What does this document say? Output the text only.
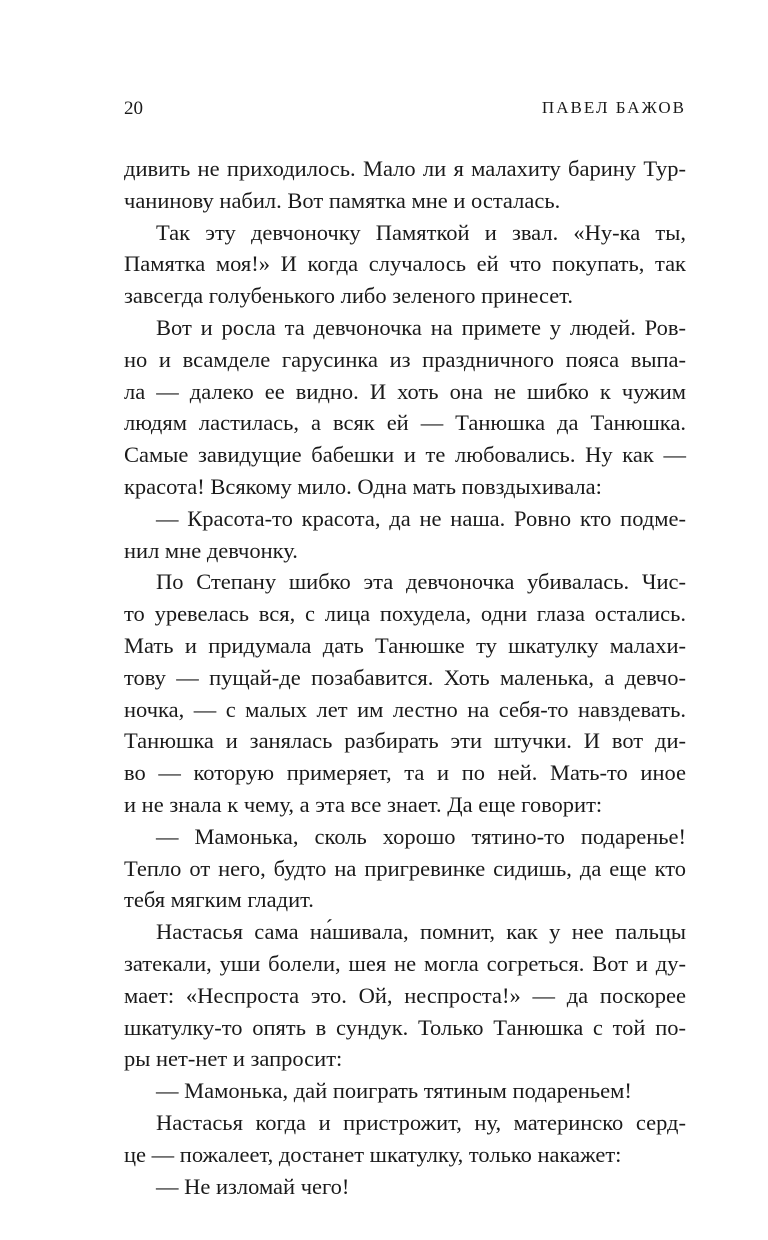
20	ПАВЕЛ БАЖОВ
дивить не приходилось. Мало ли я малахиту барину Тур-
чанинову набил. Вот памятка мне и осталась.
Так эту девчоночку Памяткой и звал. «Ну-ка ты,
Памятка моя!» И когда случалось ей что покупать, так
завсегда голубенького либо зеленого принесет.
Вот и росла та девчоночка на примете у людей. Ров-
но и всамделе гарусинка из праздничного пояса выпа-
ла — далеко ее видно. И хоть она не шибко к чужим
людям ластилась, а всяк ей — Танюшка да Танюшка.
Самые завидущие бабешки и те любовались. Ну как —
красота! Всякому мило. Одна мать повздыхивала:
— Красота-то красота, да не наша. Ровно кто подме-
нил мне девчонку.
По Степану шибко эта девчоночка убивалась. Чис-
то уревелась вся, с лица похудела, одни глаза остались.
Мать и придумала дать Танюшке ту шкатулку малахи-
тову — пущай-де позабавится. Хоть маленька, а девчо-
ночка, — с малых лет им лестно на себя-то навздевать.
Танюшка и занялась разбирать эти штучки. И вот ди-
во — которую примеряет, та и по ней. Мать-то иное
и не знала к чему, а эта все знает. Да еще говорит:
— Мамонька, сколь хорошо тятино-то подаренье!
Тепло от него, будто на пригревинке сидишь, да еще кто
тебя мягким гладит.
Настасья сама на́шивала, помнит, как у нее пальцы
затекали, уши болели, шея не могла согреться. Вот и ду-
мает: «Неспроста это. Ой, неспроста!» — да поскорее
шкатулку-то опять в сундук. Только Танюшка с той по-
ры нет-нет и запросит:
— Мамонька, дай поиграть тятиным подареньем!
Настасья когда и пристрожит, ну, материнско серд-
це — пожалеет, достанет шкатулку, только накажет:
— Не изломай чего!
